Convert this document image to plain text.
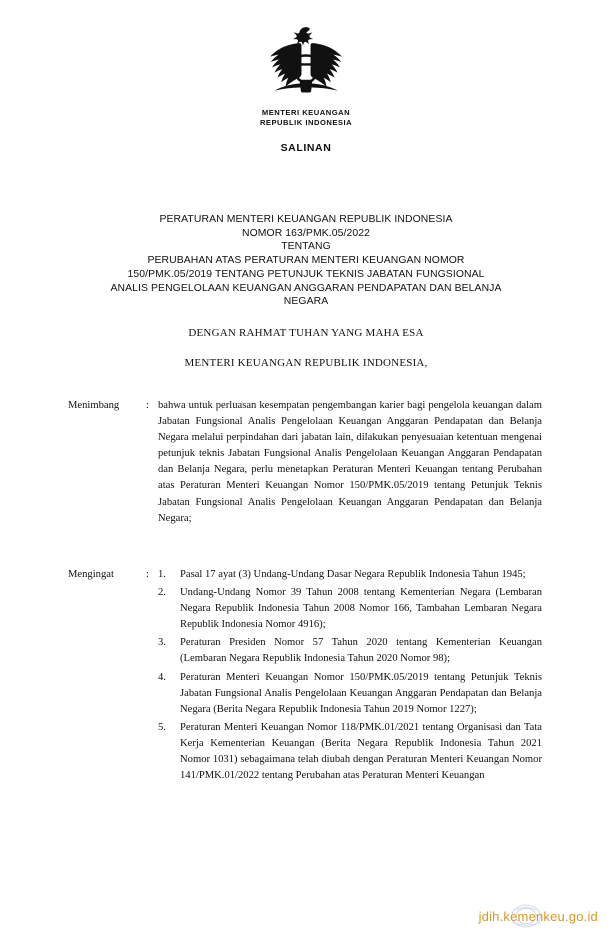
MENTERI KEUANGAN
REPUBLIK INDONESIA
SALINAN
PERATURAN MENTERI KEUANGAN REPUBLIK INDONESIA
NOMOR 163/PMK.05/2022
TENTANG
PERUBAHAN ATAS PERATURAN MENTERI KEUANGAN NOMOR
150/PMK.05/2019 TENTANG PETUNJUK TEKNIS JABATAN FUNGSIONAL
ANALIS PENGELOLAAN KEUANGAN ANGGARAN PENDAPATAN DAN BELANJA
NEGARA
DENGAN RAHMAT TUHAN YANG MAHA ESA
MENTERI KEUANGAN REPUBLIK INDONESIA,
Menimbang	: bahwa untuk perluasan kesempatan pengembangan karier bagi pengelola keuangan dalam Jabatan Fungsional Analis Pengelolaan Keuangan Anggaran Pendapatan dan Belanja Negara melalui perpindahan dari jabatan lain, dilakukan penyesuaian ketentuan mengenai petunjuk teknis Jabatan Fungsional Analis Pengelolaan Keuangan Anggaran Pendapatan dan Belanja Negara, perlu menetapkan Peraturan Menteri Keuangan tentang Perubahan atas Peraturan Menteri Keuangan Nomor 150/PMK.05/2019 tentang Petunjuk Teknis Jabatan Fungsional Analis Pengelolaan Keuangan Anggaran Pendapatan dan Belanja Negara;
Mengingat	: 1.	Pasal 17 ayat (3) Undang-Undang Dasar Negara Republik Indonesia Tahun 1945;
2.	Undang-Undang Nomor 39 Tahun 2008 tentang Kementerian Negara (Lembaran Negara Republik Indonesia Tahun 2008 Nomor 166, Tambahan Lembaran Negara Republik Indonesia Nomor 4916);
3.	Peraturan Presiden Nomor 57 Tahun 2020 tentang Kementerian Keuangan (Lembaran Negara Republik Indonesia Tahun 2020 Nomor 98);
4.	Peraturan Menteri Keuangan Nomor 150/PMK.05/2019 tentang Petunjuk Teknis Jabatan Fungsional Analis Pengelolaan Keuangan Anggaran Pendapatan dan Belanja Negara (Berita Negara Republik Indonesia Tahun 2019 Nomor 1227);
5.	Peraturan Menteri Keuangan Nomor 118/PMK.01/2021 tentang Organisasi dan Tata Kerja Kementerian Keuangan (Berita Negara Republik Indonesia Tahun 2021 Nomor 1031) sebagaimana telah diubah dengan Peraturan Menteri Keuangan Nomor 141/PMK.01/2022 tentang Perubahan atas Peraturan Menteri Keuangan
jdih.kemenkeu.go.id
